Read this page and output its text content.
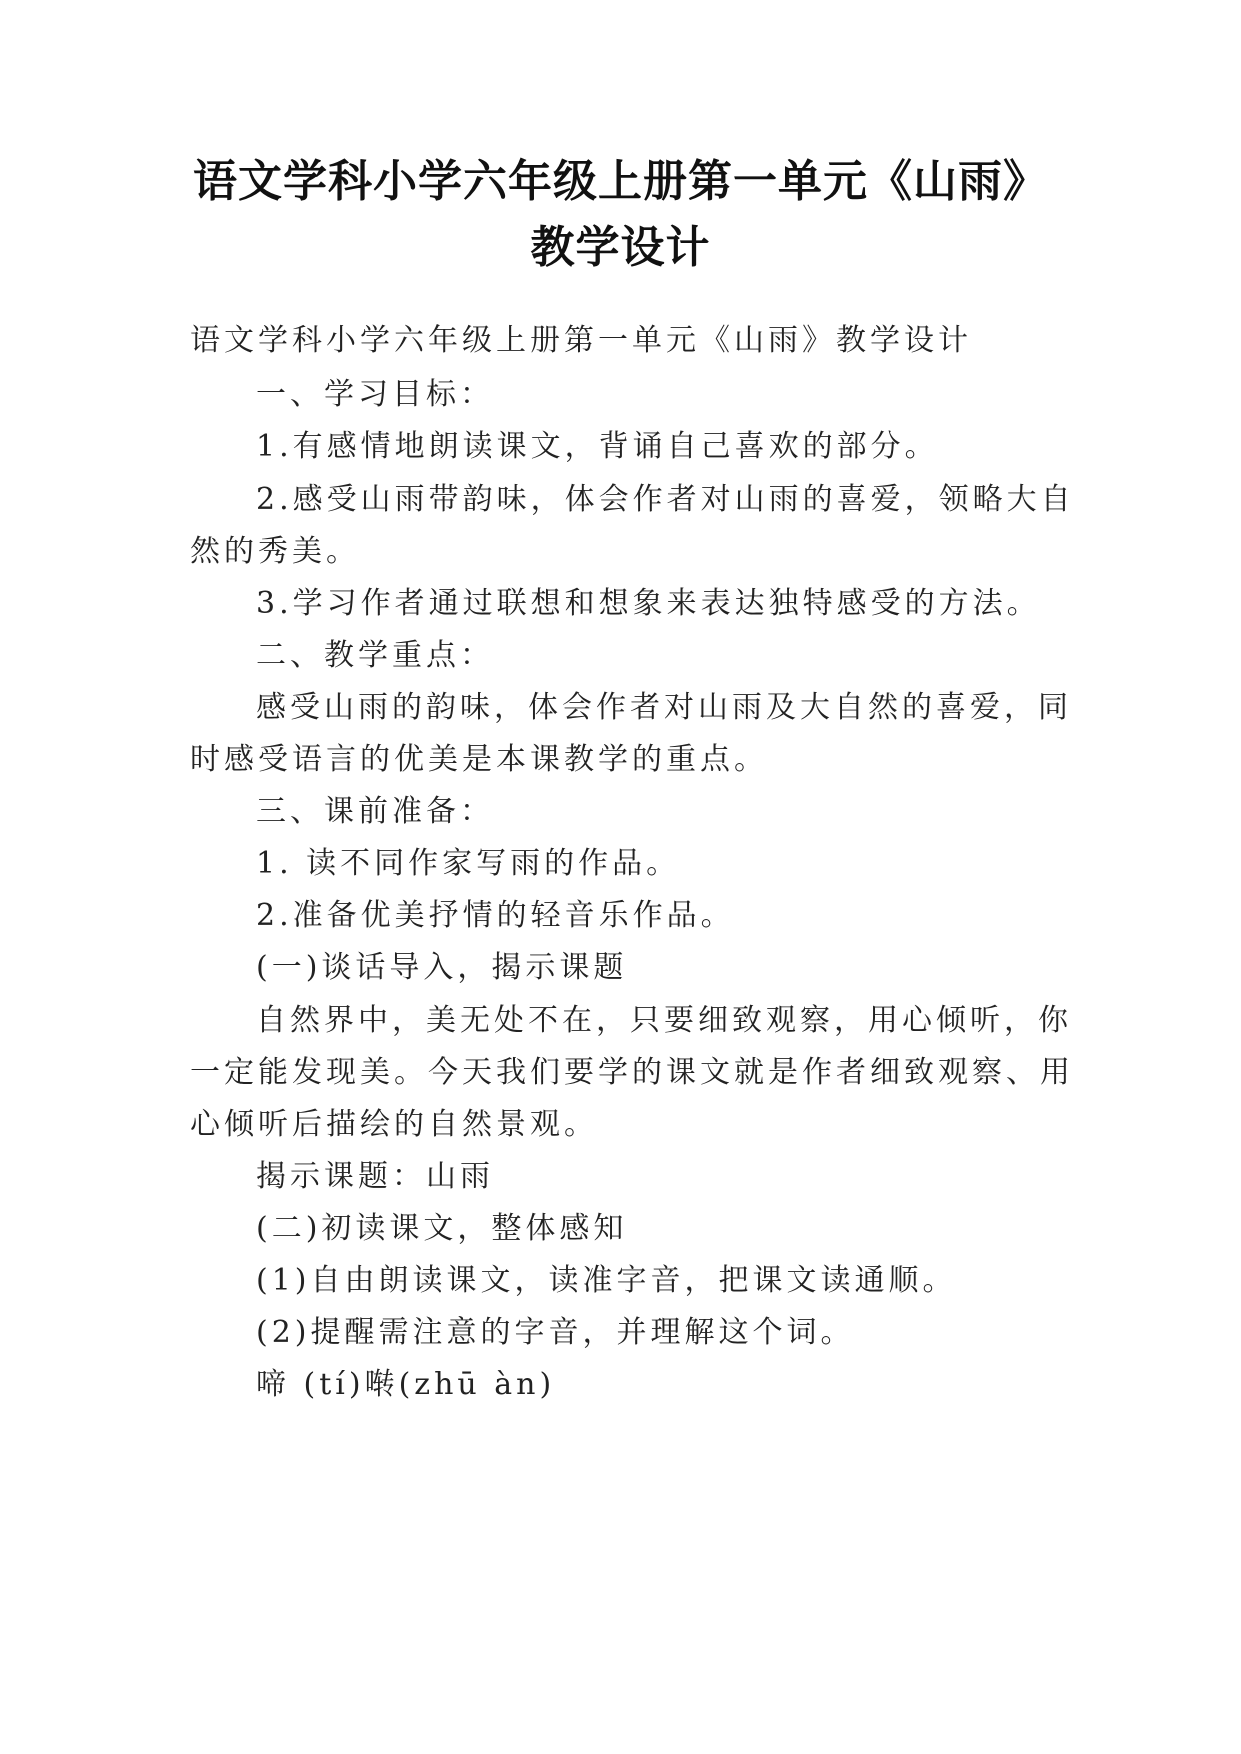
语文学科小学六年级上册第一单元《山雨》
教学设计
语文学科小学六年级上册第一单元《山雨》教学设计
一、学习目标：
1.有感情地朗读课文，背诵自己喜欢的部分。
2.感受山雨带韵味，体会作者对山雨的喜爱，领略大自
然的秀美。
3.学习作者通过联想和想象来表达独特感受的方法。
二、教学重点：
感受山雨的韵味，体会作者对山雨及大自然的喜爱，同
时感受语言的优美是本课教学的重点。
三、课前准备：
1. 读不同作家写雨的作品。
2.准备优美抒情的轻音乐作品。
(一)谈话导入，揭示课题
自然界中，美无处不在，只要细致观察，用心倾听，你
一定能发现美。今天我们要学的课文就是作者细致观察、用
心倾听后描绘的自然景观。
揭示课题：山雨
(二)初读课文，整体感知
(1)自由朗读课文，读准字音，把课文读通顺。
(2)提醒需注意的字音，并理解这个词。
啼 (tí)啭(zhū àn)
